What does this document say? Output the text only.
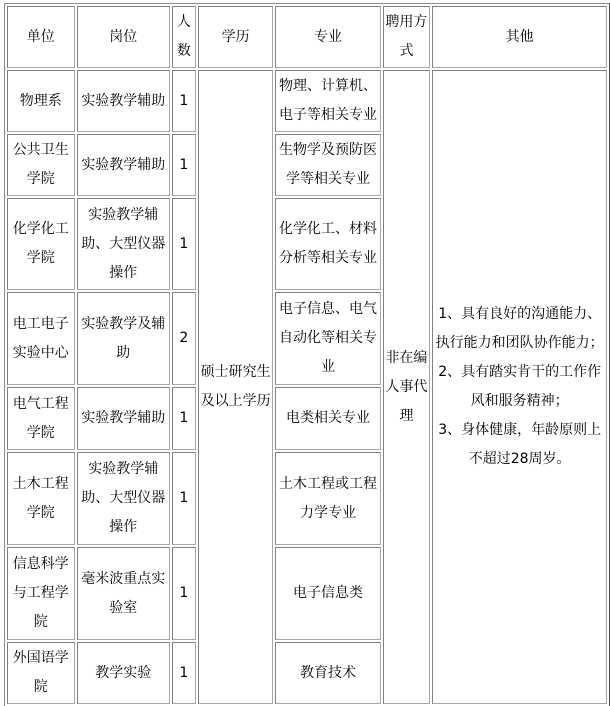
单位	岗位	人数	学历	专业	聘用方式	其他
物理系	实验教学辅助	1	硕士研究生及以上学历	物理、计算机、电子等相关专业	非在编人事代理	1、具有良好的沟通能力、执行能力和团队协作能力；
2、具有踏实肯干的工作作风和服务精神；
3、身体健康，年龄原则上不超过28周岁。

公共卫生学院	实验教学辅助	1		生物学及预防医学等相关专业		
化学化工学院	实验教学辅助、大型仪器操作	1		化学化工、材料分析等相关专业		
电工电子实验中心	实验教学及辅助	2		电子信息、电气自动化等相关专业		
电气工程学院	实验教学辅助	1		电类相关专业		
土木工程学院	实验教学辅助、大型仪器操作	1		土木工程或工程力学专业		
信息科学与工程学院	毫米波重点实验室	1		电子信息类		
外国语学院	教学实验	1		教育技术		
